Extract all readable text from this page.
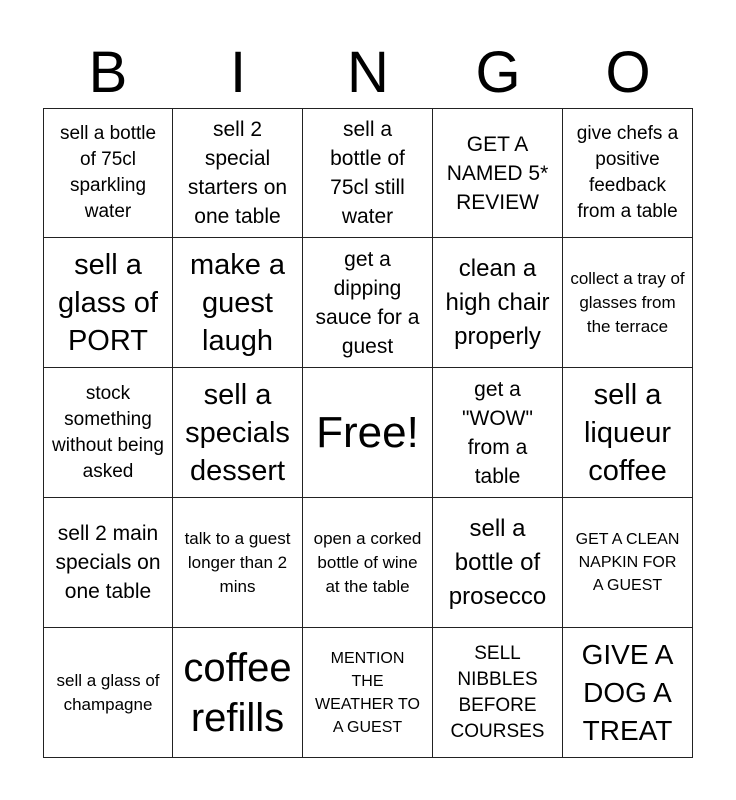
B	I	N	G	O
sell a bottle of 75cl sparkling water
sell 2 special starters on one table
sell a bottle of 75cl still water
GET A NAMED 5* REVIEW
give chefs a positive feedback from a table
sell a glass of PORT
make a guest laugh
get a dipping sauce for a guest
clean a high chair properly
collect a tray of glasses from the terrace
stock something without being asked
sell a specials dessert
Free!
get a "WOW" from a table
sell a liqueur coffee
sell 2 main specials on one table
talk to a guest longer than 2 mins
open a corked bottle of wine at the table
sell a bottle of prosecco
GET A CLEAN NAPKIN FOR A GUEST
sell a glass of champagne
coffee refills
MENTION THE WEATHER TO A GUEST
SELL NIBBLES BEFORE COURSES
GIVE A DOG A TREAT
